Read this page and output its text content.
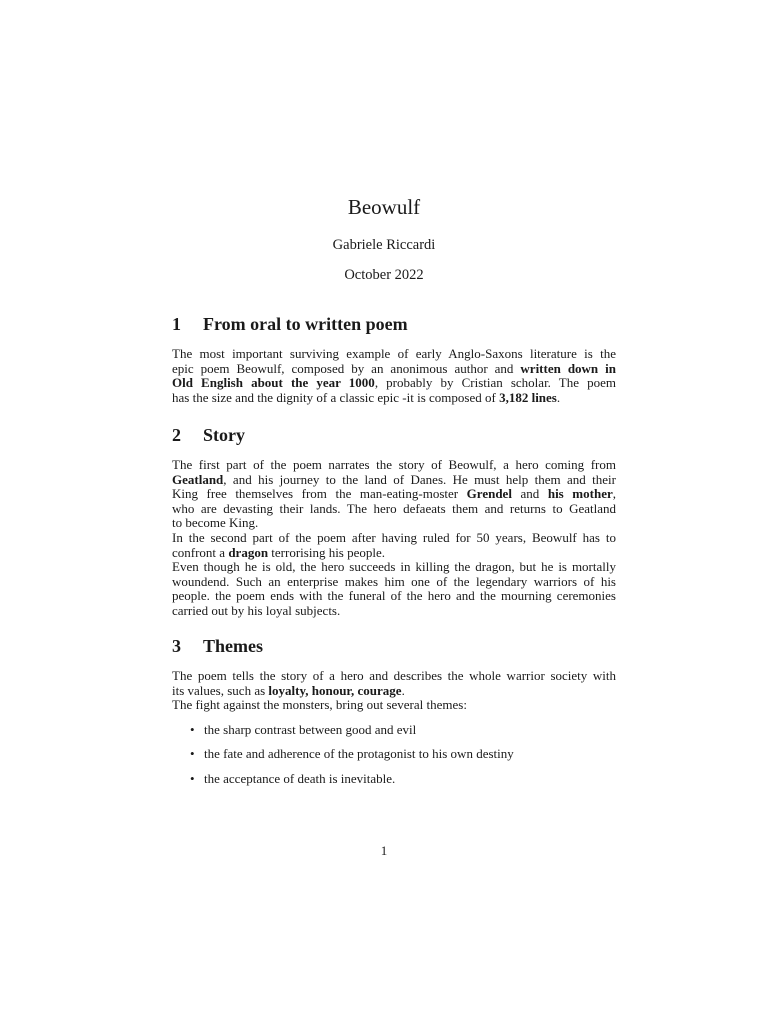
Beowulf
Gabriele Riccardi
October 2022
1	From oral to written poem
The most important surviving example of early Anglo-Saxons literature is the
epic poem Beowulf, composed by an anonimous author and written down in
Old English about the year 1000, probably by Cristian scholar. The poem
has the size and the dignity of a classic epic -it is composed of 3,182 lines.
2	Story
The first part of the poem narrates the story of Beowulf, a hero coming from
Geatland, and his journey to the land of Danes. He must help them and their
King free themselves from the man-eating-moster Grendel and his mother,
who are devasting their lands. The hero defaeats them and returns to Geatland
to become King.
In the second part of the poem after having ruled for 50 years, Beowulf has to
confront a dragon terrorising his people.
Even though he is old, the hero succeeds in killing the dragon, but he is mortally
woundend. Such an enterprise makes him one of the legendary warriors of his
people. the poem ends with the funeral of the hero and the mourning ceremonies
carried out by his loyal subjects.
3	Themes
The poem tells the story of a hero and describes the whole warrior society with
its values, such as loyalty, honour, courage.
The fight against the monsters, bring out several themes:
• the sharp contrast between good and evil
• the fate and adherence of the protagonist to his own destiny
• the acceptance of death is inevitable.
1
